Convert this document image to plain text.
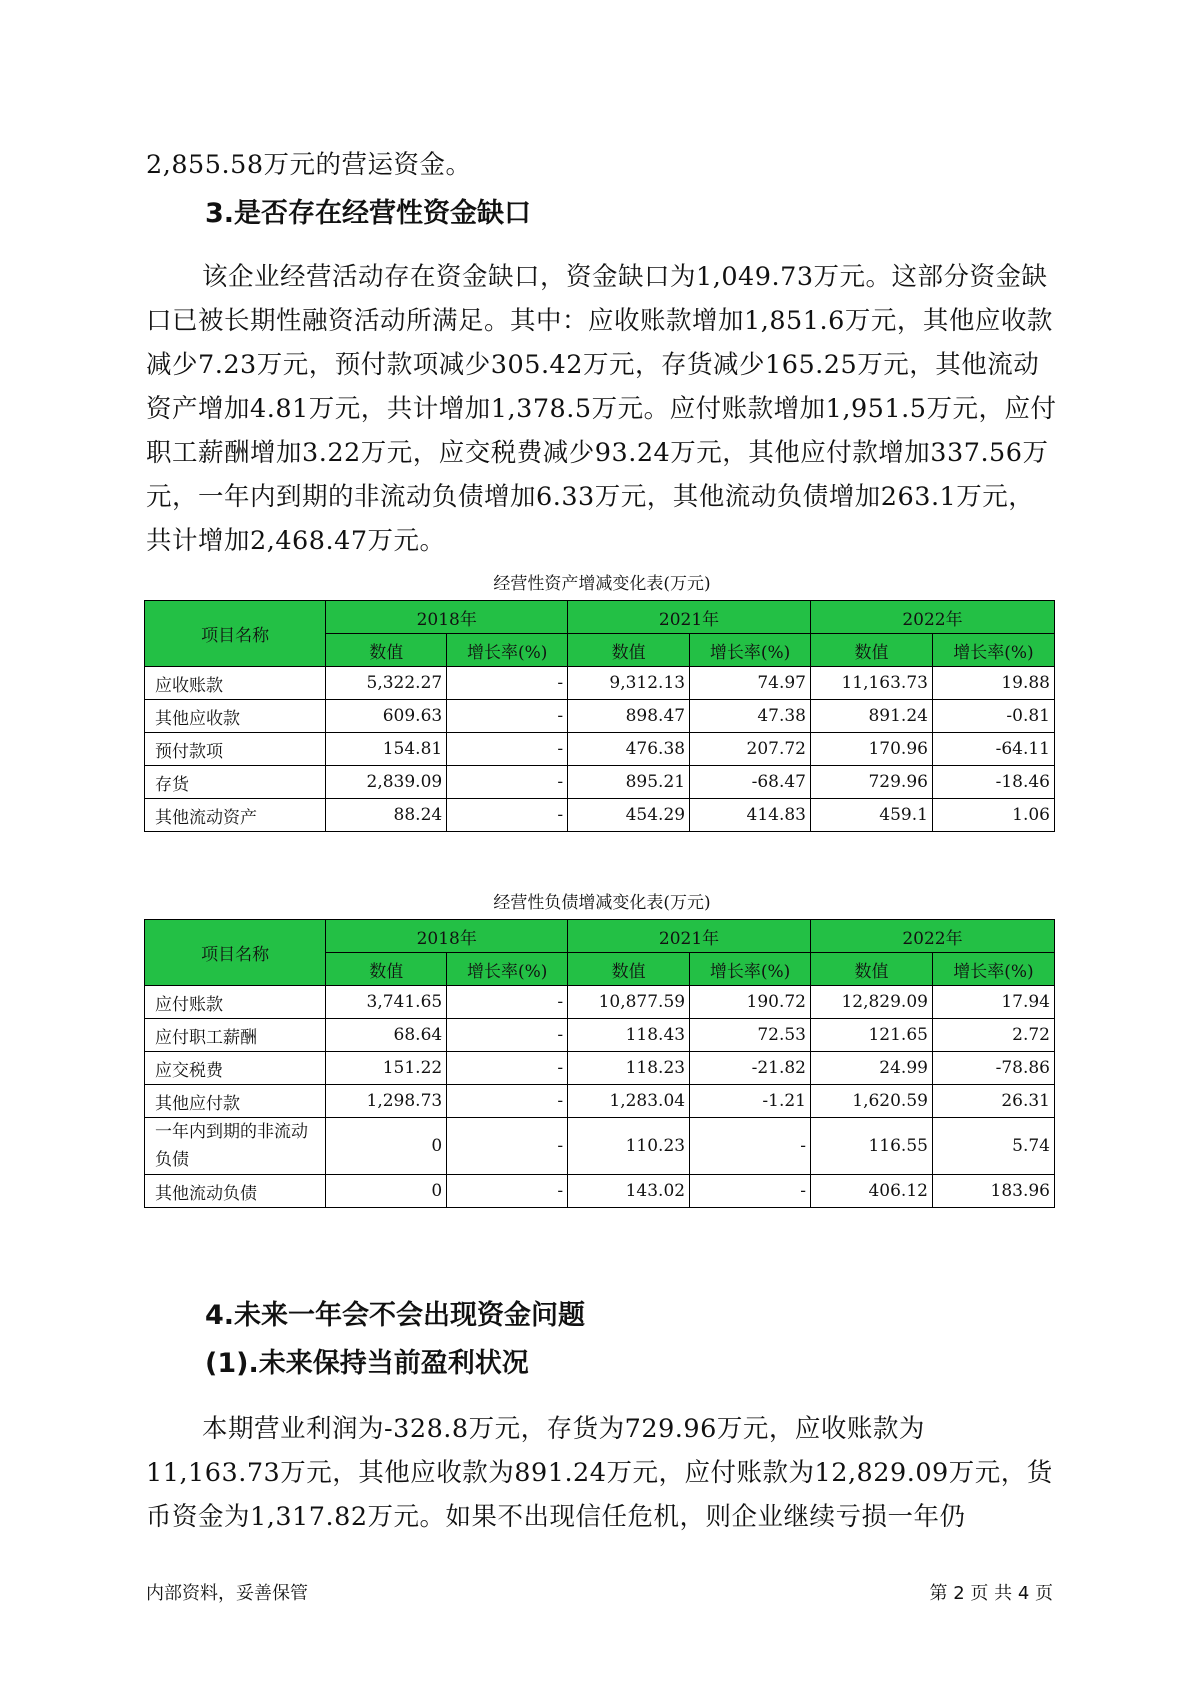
2,855.58万元的营运资金。

3.是否存在经营性资金缺口

该企业经营活动存在资金缺口，资金缺口为1,049.73万元。这部分资金缺口已被长期性融资活动所满足。其中：应收账款增加1,851.6万元，其他应收款减少7.23万元，预付款项减少305.42万元，存货减少165.25万元，其他流动资产增加4.81万元，共计增加1,378.5万元。应付账款增加1,951.5万元，应付职工薪酬增加3.22万元，应交税费减少93.24万元，其他应付款增加337.56万元，一年内到期的非流动负债增加6.33万元，其他流动负债增加263.1万元，共计增加2,468.47万元。

经营性资产增减变化表(万元)
项目名称	2018年		2021年		2022年	
	数值	增长率(%)	数值	增长率(%)	数值	增长率(%)
应收账款	5,322.27	-	9,312.13	74.97	11,163.73	19.88
其他应收款	609.63	-	898.47	47.38	891.24	-0.81
预付款项	154.81	-	476.38	207.72	170.96	-64.11
存货	2,839.09	-	895.21	-68.47	729.96	-18.46
其他流动资产	88.24	-	454.29	414.83	459.1	1.06
经营性负债增减变化表(万元)
项目名称	2018年		2021年		2022年	
	数值	增长率(%)	数值	增长率(%)	数值	增长率(%)
应付账款	3,741.65	-	10,877.59	190.72	12,829.09	17.94
应付职工薪酬	68.64	-	118.43	72.53	121.65	2.72
应交税费	151.22	-	118.23	-21.82	24.99	-78.86
其他应付款	1,298.73	-	1,283.04	-1.21	1,620.59	26.31
一年内到期的非流动负债	0	-	110.23	-	116.55	5.74
其他流动负债	0	-	143.02	-	406.12	183.96
4.未来一年会不会出现资金问题
(1).未来保持当前盈利状况

本期营业利润为-328.8万元，存货为729.96万元，应收账款为11,163.73万元，其他应收款为891.24万元，应付账款为12,829.09万元，货币资金为1,317.82万元。如果不出现信任危机，则企业继续亏损一年仍

内部资料，妥善保管	第 2 页 共 4 页
